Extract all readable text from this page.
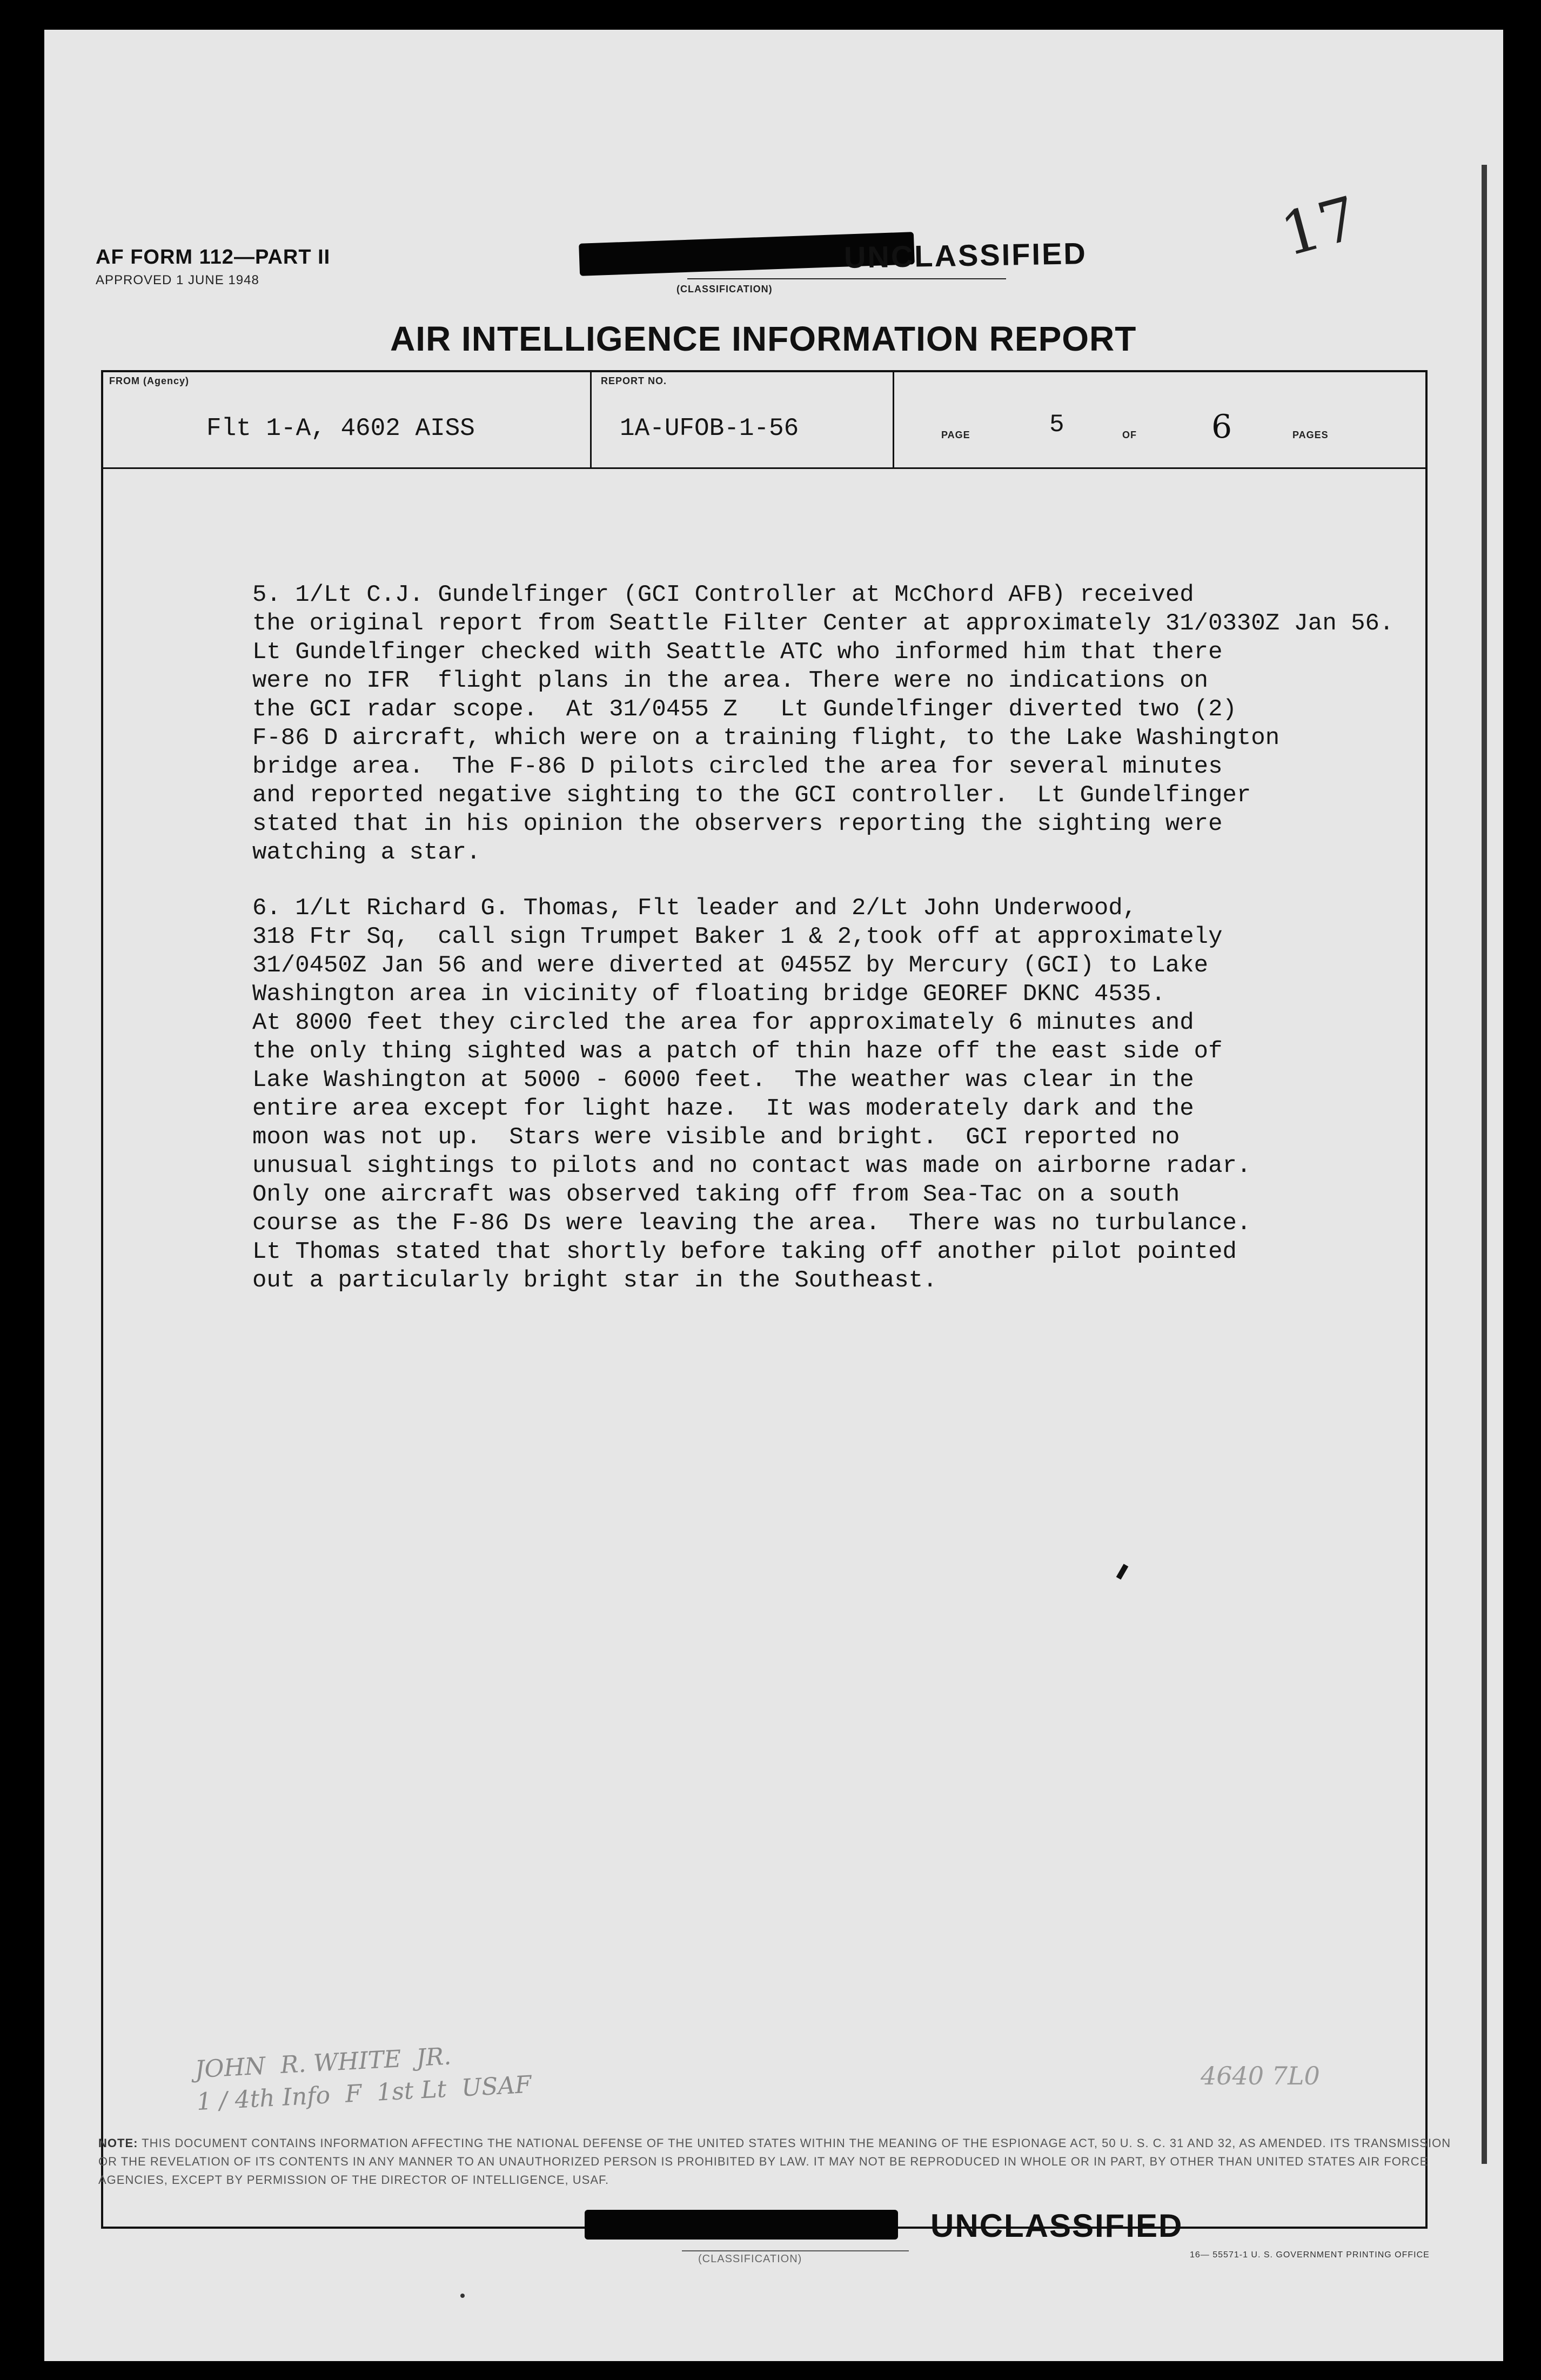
AF FORM 112—PART II
APPROVED 1 JUNE 1948
UNCLASSIFIED
(CLASSIFICATION)
17
AIR INTELLIGENCE INFORMATION REPORT
FROM (Agency)
Flt 1-A, 4602 AISS
REPORT NO.
1A-UFOB-1-56	PAGE	5	OF 6	PAGES
5. 1/Lt C.J. Gundelfinger (GCI Controller at McChord AFB) received
the original report from Seattle Filter Center at approximately 31/0330Z Jan 56.
Lt Gundelfinger checked with Seattle ATC who informed him that there
were no IFR  flight plans in the area. There were no indications on
the GCI radar scope.  At 31/0455 Z   Lt Gundelfinger diverted two (2)
F-86 D aircraft, which were on a training flight, to the Lake Washington
bridge area.  The F-86 D pilots circled the area for several minutes
and reported negative sighting to the GCI controller.  Lt Gundelfinger
stated that in his opinion the observers reporting the sighting were
watching a star.
6. 1/Lt Richard G. Thomas, Flt leader and 2/Lt John Underwood,
318 Ftr Sq,  call sign Trumpet Baker 1 & 2,took off at approximately
31/0450Z Jan 56 and were diverted at 0455Z by Mercury (GCI) to Lake
Washington area in vicinity of floating bridge GEOREF DKNC 4535.
At 8000 feet they circled the area for approximately 6 minutes and
the only thing sighted was a patch of thin haze off the east side of
Lake Washington at 5000 - 6000 feet.  The weather was clear in the
entire area except for light haze.  It was moderately dark and the
moon was not up.  Stars were visible and bright.  GCI reported no
unusual sightings to pilots and no contact was made on airborne radar.
Only one aircraft was observed taking off from Sea-Tac on a south
course as the F-86 Ds were leaving the area.  There was no turbulance.
Lt Thomas stated that shortly before taking off another pilot pointed
out a particularly bright star in the Southeast.
JOHN  R. WHITE  JR.
1 / 4th Info  F  1st Lt  USAF	4640 7L0
NOTE: THIS DOCUMENT CONTAINS INFORMATION AFFECTING THE NATIONAL DEFENSE OF THE UNITED STATES WITHIN THE MEANING OF THE ESPIONAGE ACT, 50 U. S. C. 31 AND 32, AS AMENDED. ITS TRANSMISSION OR THE REVELATION OF ITS CONTENTS IN ANY MANNER TO AN UNAUTHORIZED PERSON IS PROHIBITED BY LAW. IT MAY NOT BE REPRODUCED IN WHOLE OR IN PART, BY OTHER THAN UNITED STATES AIR FORCE AGENCIES, EXCEPT BY PERMISSION OF THE DIRECTOR OF INTELLIGENCE, USAF.
(CLASSIFICATION)
UNCLASSIFIED
16— 55571-1 U. S. GOVERNMENT PRINTING OFFICE
